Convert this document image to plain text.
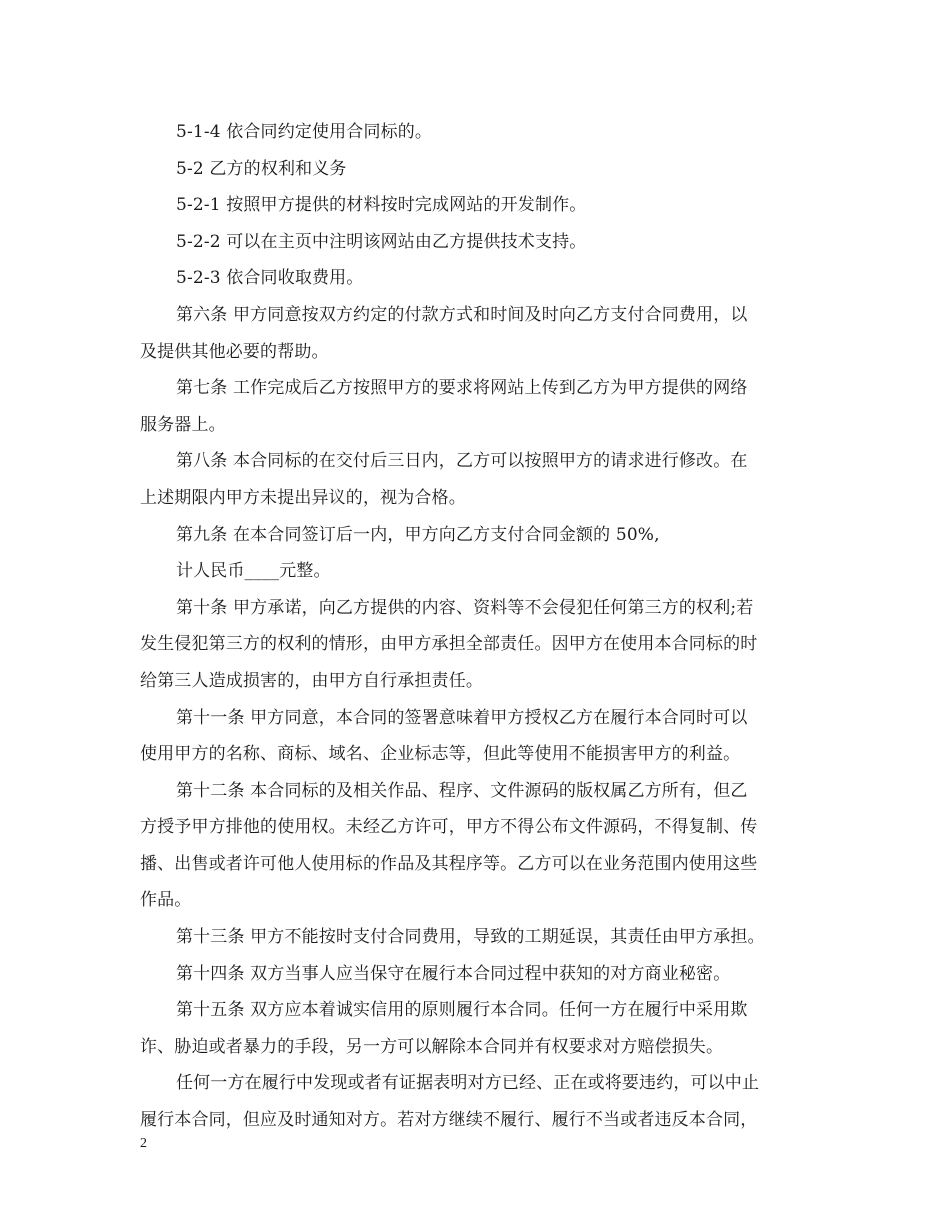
5-1-4 依合同约定使用合同标的。
5-2 乙方的权利和义务
5-2-1 按照甲方提供的材料按时完成网站的开发制作。
5-2-2 可以在主页中注明该网站由乙方提供技术支持。
5-2-3 依合同收取费用。
第六条 甲方同意按双方约定的付款方式和时间及时向乙方支付合同费用，以
及提供其他必要的帮助。
第七条 工作完成后乙方按照甲方的要求将网站上传到乙方为甲方提供的网络
服务器上。
第八条 本合同标的在交付后三日内，乙方可以按照甲方的请求进行修改。在
上述期限内甲方未提出异议的，视为合格。
第九条 在本合同签订后一内，甲方向乙方支付合同金额的 50%,
计人民币____元整。
第十条 甲方承诺，向乙方提供的内容、资料等不会侵犯任何第三方的权利;若
发生侵犯第三方的权利的情形，由甲方承担全部责任。因甲方在使用本合同标的时
给第三人造成损害的，由甲方自行承担责任。
第十一条 甲方同意，本合同的签署意味着甲方授权乙方在履行本合同时可以
使用甲方的名称、商标、域名、企业标志等，但此等使用不能损害甲方的利益。
第十二条 本合同标的及相关作品、程序、文件源码的版权属乙方所有，但乙
方授予甲方排他的使用权。未经乙方许可，甲方不得公布文件源码，不得复制、传
播、出售或者许可他人使用标的作品及其程序等。乙方可以在业务范围内使用这些
作品。
第十三条 甲方不能按时支付合同费用，导致的工期延误，其责任由甲方承担。
第十四条 双方当事人应当保守在履行本合同过程中获知的对方商业秘密。
第十五条 双方应本着诚实信用的原则履行本合同。任何一方在履行中采用欺
诈、胁迫或者暴力的手段，另一方可以解除本合同并有权要求对方赔偿损失。
任何一方在履行中发现或者有证据表明对方已经、正在或将要违约，可以中止
履行本合同，但应及时通知对方。若对方继续不履行、履行不当或者违反本合同，
2
